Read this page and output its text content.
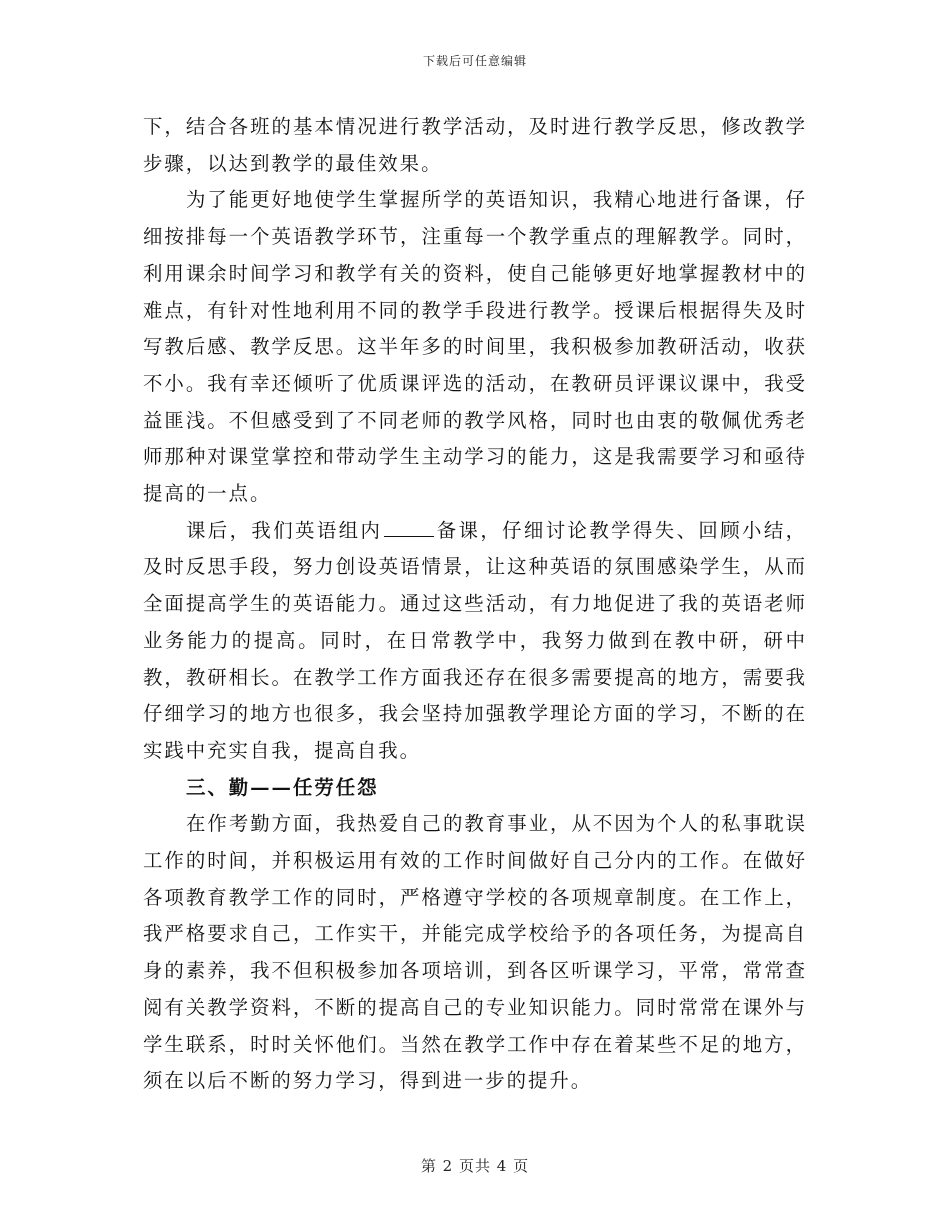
下载后可任意编辑

下，结合各班的基本情况进行教学活动，及时进行教学反思，修改教学步骤，以达到教学的最佳效果。

为了能更好地使学生掌握所学的英语知识，我精心地进行备课，仔细按排每一个英语教学环节，注重每一个教学重点的理解教学。同时，利用课余时间学习和教学有关的资料，使自己能够更好地掌握教材中的难点，有针对性地利用不同的教学手段进行教学。授课后根据得失及时写教后感、教学反思。这半年多的时间里，我积极参加教研活动，收获不小。我有幸还倾听了优质课评选的活动，在教研员评课议课中，我受益匪浅。不但感受到了不同老师的教学风格，同时也由衷的敬佩优秀老师那种对课堂掌控和带动学生主动学习的能力，这是我需要学习和亟待提高的一点。

课后，我们英语组内	备课，仔细讨论教学得失、回顾小结，及时反思手段，努力创设英语情景，让这种英语的氛围感染学生，从而全面提高学生的英语能力。通过这些活动，有力地促进了我的英语老师业务能力的提高。同时，在日常教学中，我努力做到在教中研，研中教，教研相长。在教学工作方面我还存在很多需要提高的地方，需要我仔细学习的地方也很多，我会坚持加强教学理论方面的学习，不断的在实践中充实自我，提高自我。

三、勤——任劳任怨

在作考勤方面，我热爱自己的教育事业，从不因为个人的私事耽误工作的时间，并积极运用有效的工作时间做好自己分内的工作。在做好各项教育教学工作的同时，严格遵守学校的各项规章制度。在工作上，我严格要求自己，工作实干，并能完成学校给予的各项任务，为提高自身的素养，我不但积极参加各项培训，到各区听课学习，平常，常常查阅有关教学资料，不断的提高自己的专业知识能力。同时常常在课外与学生联系，时时关怀他们。当然在教学工作中存在着某些不足的地方，须在以后不断的努力学习，得到进一步的提升。

第 2 页共 4 页
